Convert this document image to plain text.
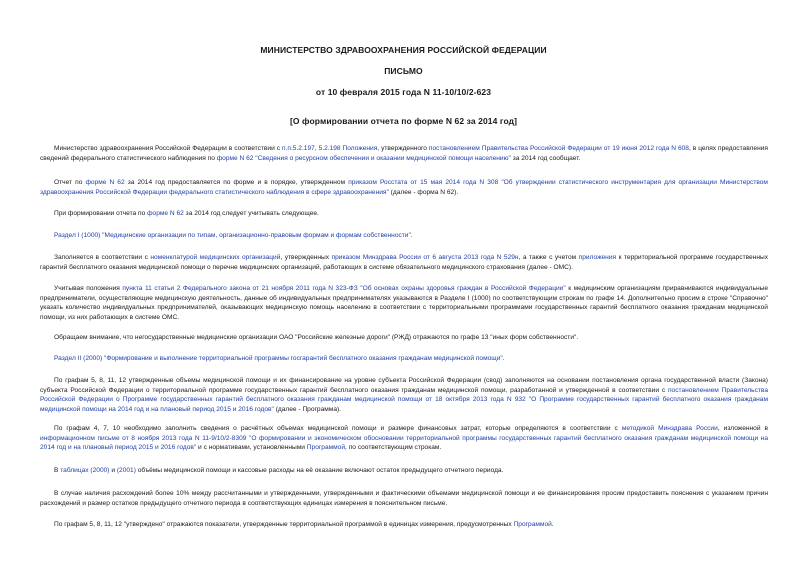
МИНИСТЕРСТВО ЗДРАВООХРАНЕНИЯ РОССИЙСКОЙ ФЕДЕРАЦИИ
ПИСЬМО
от 10 февраля 2015 года N 11-10/10/2-623
[О формировании отчета по форме N 62 за 2014 год]

Министерство здравоохранения Российской Федерации в соответствии с п.п.5.2.197, 5.2.198 Положения, утвержденного постановлением Правительства Российской Федерации от 19 июня 2012 года N 608, в целях предоставления сведений федерального статистического наблюдения по форме N 62 "Сведения о ресурсном обеспечении и оказании медицинской помощи населению" за 2014 год сообщает.

Отчет по форме N 62 за 2014 год предоставляется по форме и в порядке, утвержденном приказом Росстата от 15 мая 2014 года N 308 "Об утверждении статистического инструментария для организации Министерством здравоохранения Российской Федерации федерального статистического наблюдения в сфере здравоохранения" (далее - форма N 62).

При формировании отчета по форме N 62 за 2014 год следует учитывать следующее.

Раздел I (1000) "Медицинские организации по типам, организационно-правовым формам и формам собственности".

Заполняется в соответствии с номенклатурой медицинских организаций, утвержденных приказом Минздрава России от 6 августа 2013 года N 529н, а также с учетом приложения к территориальной программе государственных гарантий бесплатного оказания медицинской помощи о перечне медицинских организаций, работающих в системе обязательного медицинского страхования (далее - ОМС).

Учитывая положения пункта 11 статьи 2 Федерального закона от 21 ноября 2011 года N 323-ФЗ "Об основах охраны здоровья граждан в Российской Федерации" к медицинским организациям приравниваются индивидуальные предприниматели, осуществляющие медицинскую деятельность, данные об индивидуальных предпринимателях указываются в Разделе I (1000) по соответствующим строкам по графе 14. Дополнительно просим в строке "Справочно" указать количество индивидуальных предпринимателей, оказывающих медицинскую помощь населению в соответствии с территориальными программами государственных гарантий бесплатного оказания гражданам медицинской помощи, из них работающих в системе ОМС.

Обращаем внимание, что негосударственные медицинские организации ОАО "Российские железные дороги" (РЖД) отражаются по графе 13 "иных форм собственности".

Раздел II (2000) "Формирование и выполнение территориальной программы госгарантий бесплатного оказания гражданам медицинской помощи".

По графам 5, 8, 11, 12 утвержденные объемы медицинской помощи и их финансирование на уровне субъекта Российской Федерации (свод) заполняются на основании постановления органа государственной власти (Закона) субъекта Российской Федерации о территориальной программе государственных гарантий бесплатного оказания гражданам медицинской помощи, разработанной и утвержденной в соответствии с постановлением Правительства Российской Федерации о Программе государственных гарантий бесплатного оказания гражданам медицинской помощи от 18 октября 2013 года N 932 "О Программе государственных гарантий бесплатного оказания гражданам медицинской помощи на 2014 год и на плановый период 2015 и 2016 годов" (далее - Программа).

По графам 4, 7, 10 необходимо заполнить сведения о расчётных объемах медицинской помощи и размере финансовых затрат, которые определяются в соответствии с методикой Минздрава России, изложенной в информационном письме от 8 ноября 2013 года N 11-9/10/2-8309 "О формировании и экономическом обосновании территориальной программы государственных гарантий бесплатного оказания гражданам медицинской помощи на 2014 год и на плановый период 2015 и 2016 годов" и с нормативами, установленными Программой, по соответствующим строкам.

В таблицах (2000) и (2001) объёмы медицинской помощи и кассовые расходы на её оказание включают остаток предыдущего отчетного периода.

В случае наличия расхождений более 10% между рассчитанными и утвержденными, утвержденными и фактическими объемами медицинской помощи и ее финансирования просим предоставить пояснения с указанием причин расхождений и размер остатков предыдущего отчетного периода в соответствующих единицах измерения в пояснительном письме.

По графам 5, 8, 11, 12 "утверждено" отражаются показатели, утвержденные территориальной программой в единицах измерения, предусмотренных Программой.
